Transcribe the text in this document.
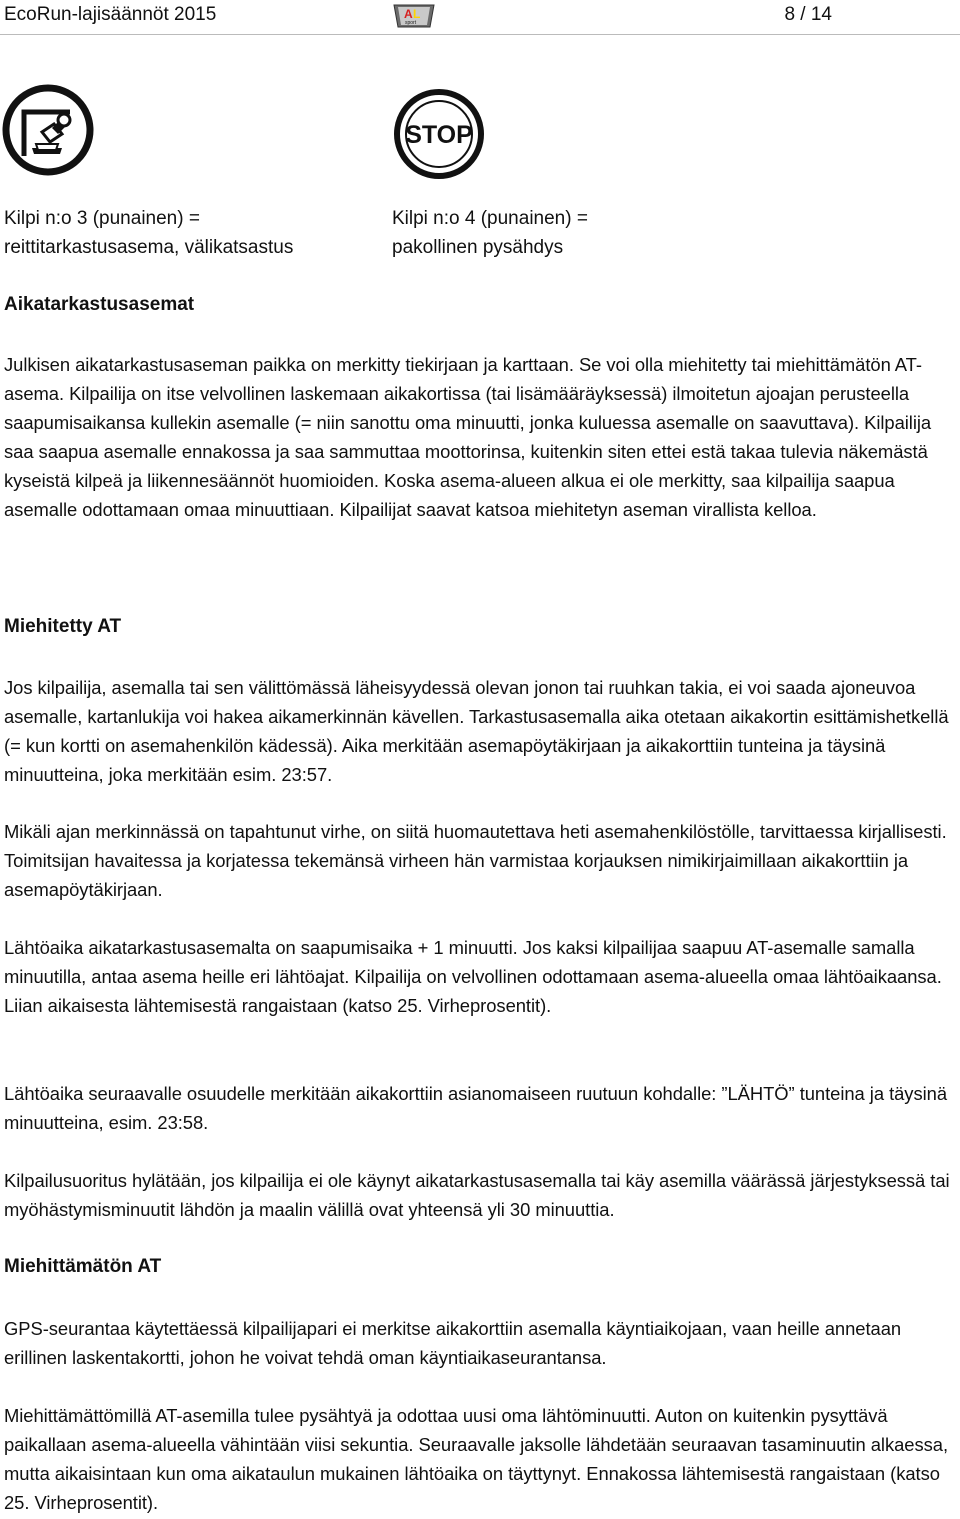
EcoRun-lajisäännöt 2015	A L
sport	8 / 14
STOP
Kilpi n:o 3 (punainen) =
reittitarkastusasema, välikatsastus
Kilpi n:o 4 (punainen) =
pakollinen pysähdys
Aikatarkastusasemat
Julkisen aikatarkastusaseman paikka on merkitty tiekirjaan ja karttaan. Se voi olla miehitetty tai miehittämätön AT-asema. Kilpailija on itse velvollinen laskemaan aikakortissa (tai lisämääräyksessä) ilmoitetun ajoajan perusteella saapumisaikansa kullekin asemalle (= niin sanottu oma minuutti, jonka kuluessa asemalle on saavuttava). Kilpailija saa saapua asemalle ennakossa ja saa sammuttaa moottorinsa, kuitenkin siten ettei estä takaa tulevia näkemästä kyseistä kilpeä ja liikennesäännöt huomioiden. Koska asema-alueen alkua ei ole merkitty, saa kilpailija saapua asemalle odottamaan omaa minuuttiaan. Kilpailijat saavat katsoa miehitetyn aseman virallista kelloa.
Miehitetty AT
Jos kilpailija, asemalla tai sen välittömässä läheisyydessä olevan jonon tai ruuhkan takia, ei voi saada ajoneuvoa asemalle, kartanlukija voi hakea aikamerkinnän kävellen. Tarkastusasemalla aika otetaan aikakortin esittämishetkellä (= kun kortti on asemahenkilön kädessä). Aika merkitään asemapöytäkirjaan ja aikakorttiin tunteina ja täysinä minuutteina, joka merkitään esim. 23:57.
Mikäli ajan merkinnässä on tapahtunut virhe, on siitä huomautettava heti asemahenkilöstölle, tarvittaessa kirjallisesti. Toimitsijan havaitessa ja korjatessa tekemänsä virheen hän varmistaa korjauksen nimikirjaimillaan aikakorttiin ja asemapöytäkirjaan.
Lähtöaika aikatarkastusasemalta on saapumisaika + 1 minuutti. Jos kaksi kilpailijaa saapuu AT-asemalle samalla minuutilla, antaa asema heille eri lähtöajat. Kilpailija on velvollinen odottamaan asema-alueella omaa lähtöaikaansa. Liian aikaisesta lähtemisestä rangaistaan (katso 25. Virheprosentit).
Lähtöaika seuraavalle osuudelle merkitään aikakorttiin asianomaiseen ruutuun kohdalle: ”LÄHTÖ” tunteina ja täysinä minuutteina, esim. 23:58.
Kilpailusuoritus hylätään, jos kilpailija ei ole käynyt aikatarkastusasemalla tai käy asemilla väärässä järjestyksessä tai myöhästymisminuutit lähdön ja maalin välillä ovat yhteensä yli 30 minuuttia.
Miehittämätön AT
GPS-seurantaa käytettäessä kilpailijapari ei merkitse aikakorttiin asemalla käyntiaikojaan, vaan heille annetaan erillinen laskentakortti, johon he voivat tehdä oman käyntiaikaseurantansa.
Miehittämättömillä AT-asemilla tulee pysähtyä ja odottaa uusi oma lähtöminuutti. Auton on kuitenkin pysyttävä paikallaan asema-alueella vähintään viisi sekuntia. Seuraavalle jaksolle lähdetään seuraavan tasaminuutin alkaessa, mutta aikaisintaan kun oma aikataulun mukainen lähtöaika on täyttynyt. Ennakossa lähtemisestä rangaistaan (katso 25. Virheprosentit).
